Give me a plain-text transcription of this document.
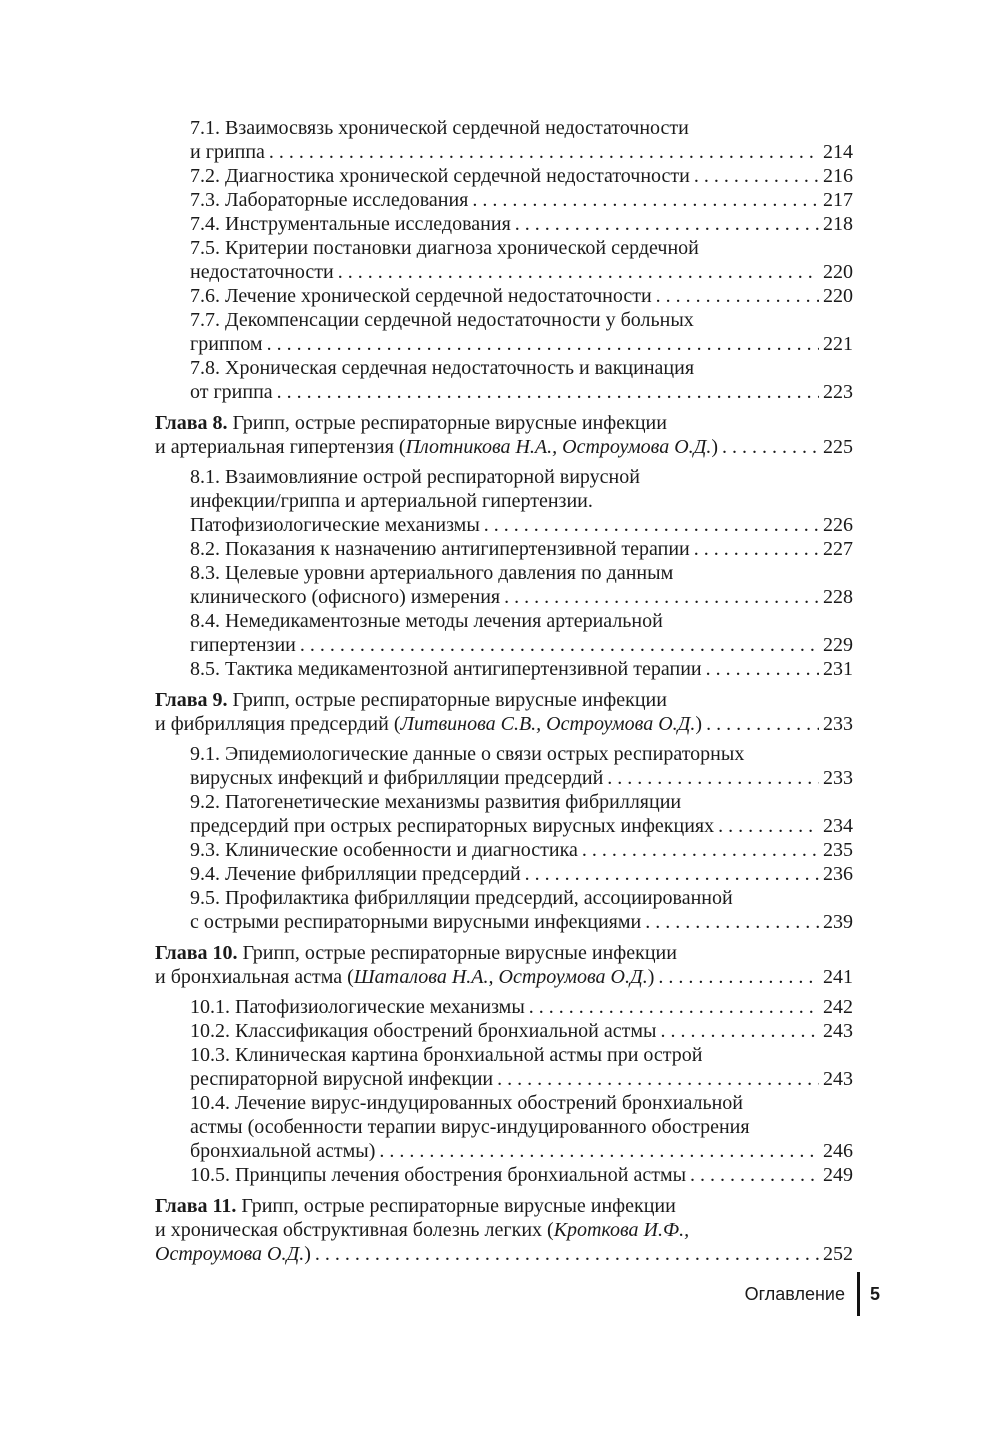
7.1. Взаимосвязь хронической сердечной недостаточности
и гриппа . . .	214
7.2. Диагностика хронической сердечной недостаточности . . .	216
7.3. Лабораторные исследования . . .	217
7.4. Инструментальные исследования . . .	218
7.5. Критерии постановки диагноза хронической сердечной
недостаточности . . .	220
7.6. Лечение хронической сердечной недостаточности . . .	220
7.7. Декомпенсации сердечной недостаточности у больных
гриппом . . .	221
7.8. Хроническая сердечная недостаточность и вакцинация
от гриппа . . .	223
Глава 8. Грипп, острые респираторные вирусные инфекции
и артериальная гипертензия (Плотникова Н.А., Остроумова О.Д.) . . .	225
8.1. Взаимовлияние острой респираторной вирусной
инфекции/гриппа и артериальной гипертензии.
Патофизиологические механизмы . . .	226
8.2. Показания к назначению антигипертензивной терапии . . .	227
8.3. Целевые уровни артериального давления по данным
клинического (офисного) измерения . . .	228
8.4. Немедикаментозные методы лечения артериальной
гипертензии . . .	229
8.5. Тактика медикаментозной антигипертензивной терапии . . .	231
Глава 9. Грипп, острые респираторные вирусные инфекции
и фибрилляция предсердий (Литвинова С.В., Остроумова О.Д.) . . .	233
9.1. Эпидемиологические данные о связи острых респираторных
вирусных инфекций и фибрилляции предсердий . . .	233
9.2. Патогенетические механизмы развития фибрилляции
предсердий при острых респираторных вирусных инфекциях . . .	234
9.3. Клинические особенности и диагностика . . .	235
9.4. Лечение фибрилляции предсердий . . .	236
9.5. Профилактика фибрилляции предсердий, ассоциированной
с острыми респираторными вирусными инфекциями . . .	239
Глава 10. Грипп, острые респираторные вирусные инфекции
и бронхиальная астма (Шаталова Н.А., Остроумова О.Д.) . . .	241
10.1. Патофизиологические механизмы . . .	242
10.2. Классификация обострений бронхиальной астмы . . .	243
10.3. Клиническая картина бронхиальной астмы при острой
респираторной вирусной инфекции . . .	243
10.4. Лечение вирус-индуцированных обострений бронхиальной
астмы (особенности терапии вирус-индуцированного обострения
бронхиальной астмы) . . .	246
10.5. Принципы лечения обострения бронхиальной астмы . . .	249
Глава 11. Грипп, острые респираторные вирусные инфекции
и хроническая обструктивная болезнь легких (Кроткова И.Ф.,
Остроумова О.Д.) . . .	252
Оглавление 5
